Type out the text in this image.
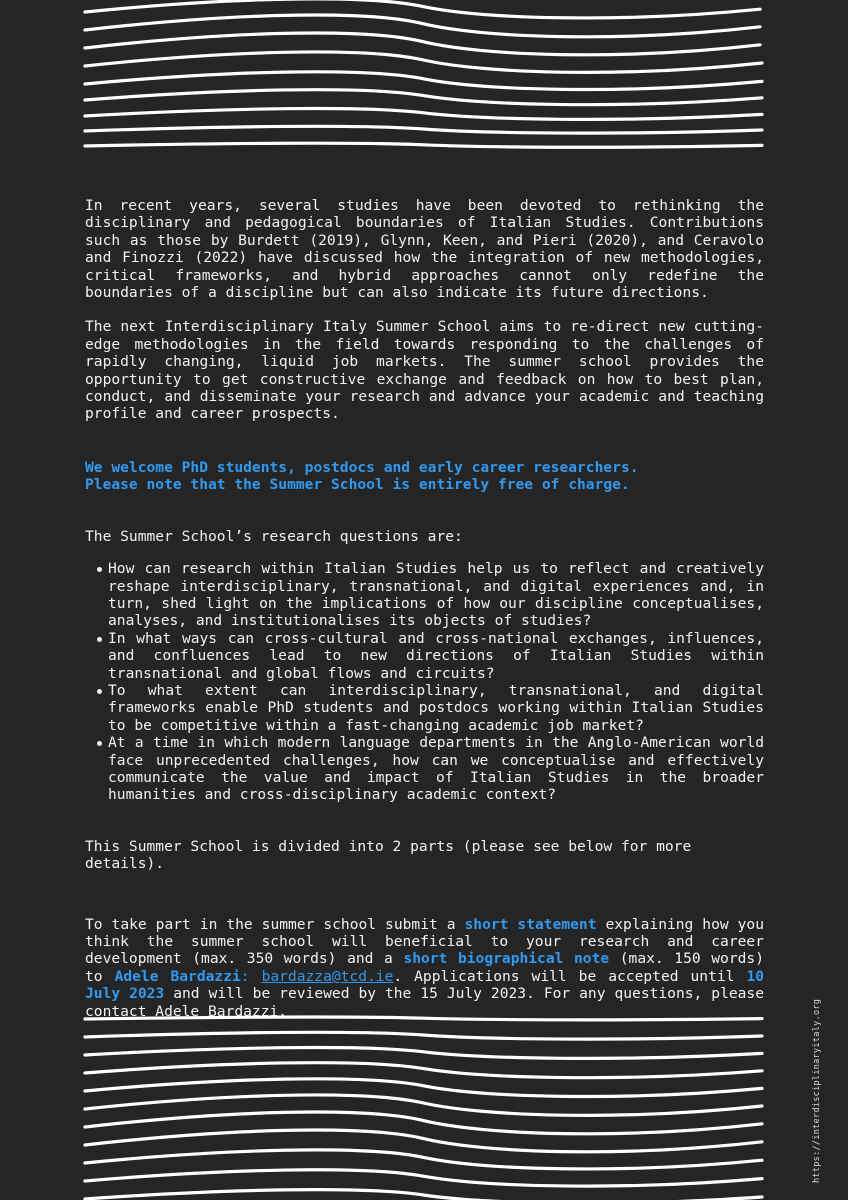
In recent years, several studies have been devoted to rethinking the disciplinary and pedagogical boundaries of Italian Studies. Contributions such as those by Burdett (2019), Glynn, Keen, and Pieri (2020), and Ceravolo and Finozzi (2022) have discussed how the integration of new methodologies, critical frameworks, and hybrid approaches cannot only redefine the boundaries of a discipline but can also indicate its future directions.

The next Interdisciplinary Italy Summer School aims to re-direct new cutting-edge methodologies in the field towards responding to the challenges of rapidly changing, liquid job markets. The summer school provides the opportunity to get constructive exchange and feedback on how to best plan, conduct, and disseminate your research and advance your academic and teaching profile and career prospects.

We welcome PhD students, postdocs and early career researchers.
Please note that the Summer School is entirely free of charge.

The Summer School’s research questions are:

How can research within Italian Studies help us to reflect and creatively reshape interdisciplinary, transnational, and digital experiences and, in turn, shed light on the implications of how our discipline conceptualises, analyses, and institutionalises its objects of studies?
In what ways can cross-cultural and cross-national exchanges, influences, and confluences lead to new directions of Italian Studies within transnational and global flows and circuits?
To what extent can interdisciplinary, transnational, and digital frameworks enable PhD students and postdocs working within Italian Studies to be competitive within a fast-changing academic job market?
At a time in which modern language departments in the Anglo-American world face unprecedented challenges, how can we conceptualise and effectively communicate the value and impact of Italian Studies in the broader humanities and cross-disciplinary academic context?

This Summer School is divided into 2 parts (please see below for more details).

To take part in the summer school submit a short statement explaining how you think the summer school will beneficial to your research and career development (max. 350 words) and a short biographical note (max. 150 words) to Adele Bardazzi: bardazza@tcd.ie. Applications will be accepted until 10 July 2023 and will be reviewed by the 15 July 2023. For any questions, please contact Adele Bardazzi.	https://interdisciplinaryitaly.org
